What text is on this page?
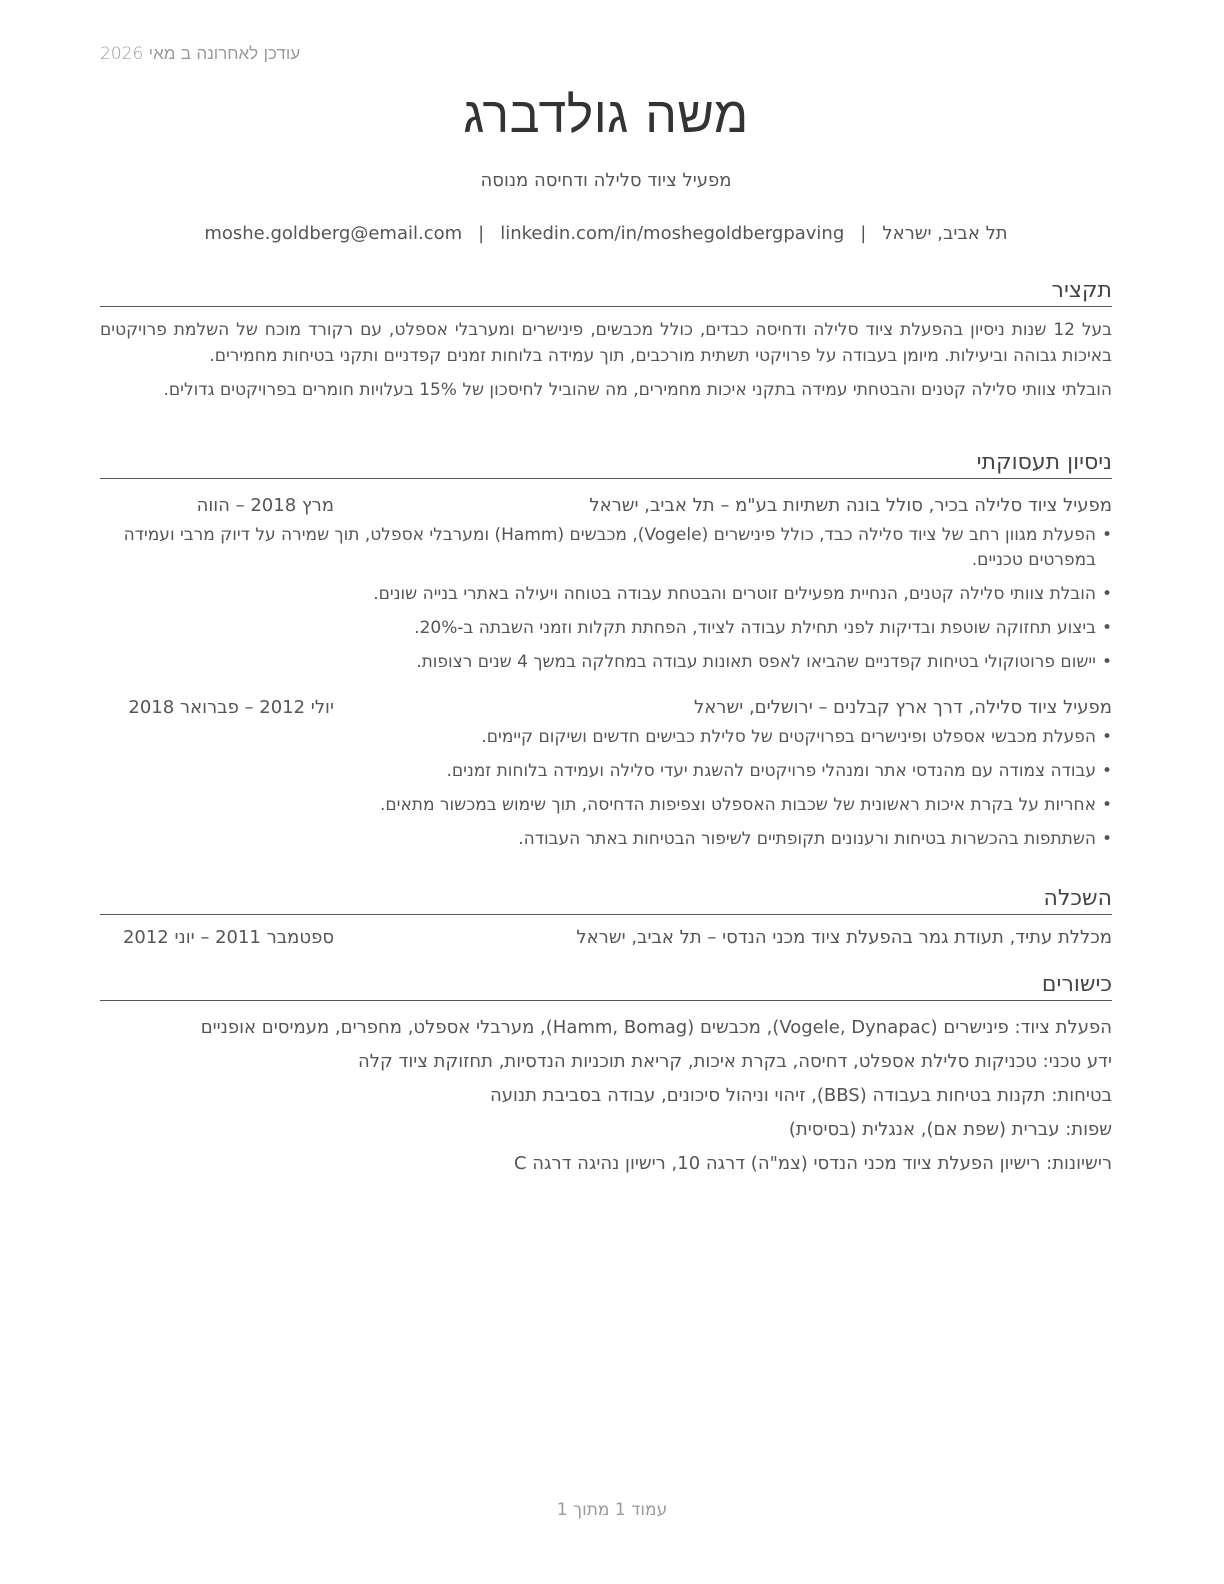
עודכן לאחרונה ב מאי 2026
משה גולדברג
מפעיל ציוד סלילה ודחיסה מנוסה
תל אביב, ישראל|moshe.goldberg@email.com | linkedin.com/in/moshegoldbergpaving
תקציר
בעל 12 שנות ניסיון בהפעלת ציוד סלילה ודחיסה כבדים, כולל מכבשים, פינישרים ומערבלי אספלט, עם רקורד מוכח של השלמת פרויקטים באיכות גבוהה וביעילות. מיומן בעבודה על פרויקטי תשתית מורכבים, תוך עמידה בלוחות זמנים קפדניים ותקני בטיחות מחמירים.
הובלתי צוותי סלילה קטנים והבטחתי עמידה בתקני איכות מחמירים, מה שהוביל לחיסכון של 15% בעלויות חומרים בפרויקטים גדולים.
ניסיון תעסוקתי
מפעיל ציוד סלילה בכיר, סולל בונה תשתיות בע"מ – תל אביב, ישראל
מרץ 2018 – הווה
• הפעלת מגוון רחב של ציוד סלילה כבד, כולל פינישרים (Vogele), מכבשים (Hamm) ומערבלי אספלט, תוך שמירה על דיוק מרבי ועמידה במפרטים טכניים.
• הובלת צוותי סלילה קטנים, הנחיית מפעילים זוטרים והבטחת עבודה בטוחה ויעילה באתרי בנייה שונים.
• ביצוע תחזוקה שוטפת ובדיקות לפני תחילת עבודה לציוד, הפחתת תקלות וזמני השבתה ב-20%.
• יישום פרוטוקולי בטיחות קפדניים שהביאו לאפס תאונות עבודה במחלקה במשך 4 שנים רצופות.
מפעיל ציוד סלילה, דרך ארץ קבלנים – ירושלים, ישראל
יולי 2012 – פברואר 2018
• הפעלת מכבשי אספלט ופינישרים בפרויקטים של סלילת כבישים חדשים ושיקום קיימים.
• עבודה צמודה עם מהנדסי אתר ומנהלי פרויקטים להשגת יעדי סלילה ועמידה בלוחות זמנים.
• אחריות על בקרת איכות ראשונית של שכבות האספלט וצפיפות הדחיסה, תוך שימוש במכשור מתאים.
• השתתפות בהכשרות בטיחות ורענונים תקופתיים לשיפור הבטיחות באתר העבודה.
השכלה
מכללת עתיד, תעודת גמר בהפעלת ציוד מכני הנדסי – תל אביב, ישראל
ספטמבר 2011 – יוני 2012
כישורים
הפעלת ציוד: פינישרים (Vogele, Dynapac), מכבשים (Hamm, Bomag), מערבלי אספלט, מחפרים, מעמיסים אופניים
ידע טכני: טכניקות סלילת אספלט, דחיסה, בקרת איכות, קריאת תוכניות הנדסיות, תחזוקת ציוד קלה
בטיחות: תקנות בטיחות בעבודה (BBS), זיהוי וניהול סיכונים, עבודה בסביבת תנועה
שפות: עברית (שפת אם), אנגלית (בסיסית)
רישיונות: רישיון הפעלת ציוד מכני הנדסי (צמ"ה) דרגה 10, רישיון נהיגה דרגה C
עמוד 1 מתוך 1
